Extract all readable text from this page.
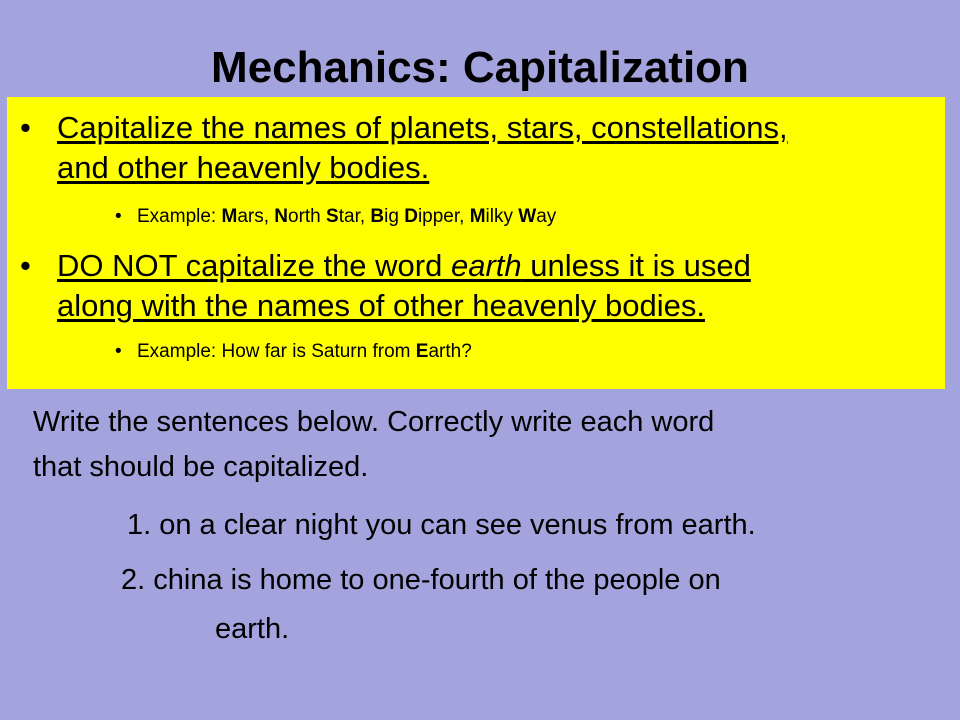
Mechanics: Capitalization
• Capitalize the names of planets, stars, constellations,
and other heavenly bodies.
• Example: Mars, North Star, Big Dipper, Milky Way
• DO NOT capitalize the word earth unless it is used
along with the names of other heavenly bodies.
• Example: How far is Saturn from Earth?
Write the sentences below. Correctly write each word
that should be capitalized.
1. on a clear night you can see venus from earth.
2. china is home to one-fourth of the people on
earth.
